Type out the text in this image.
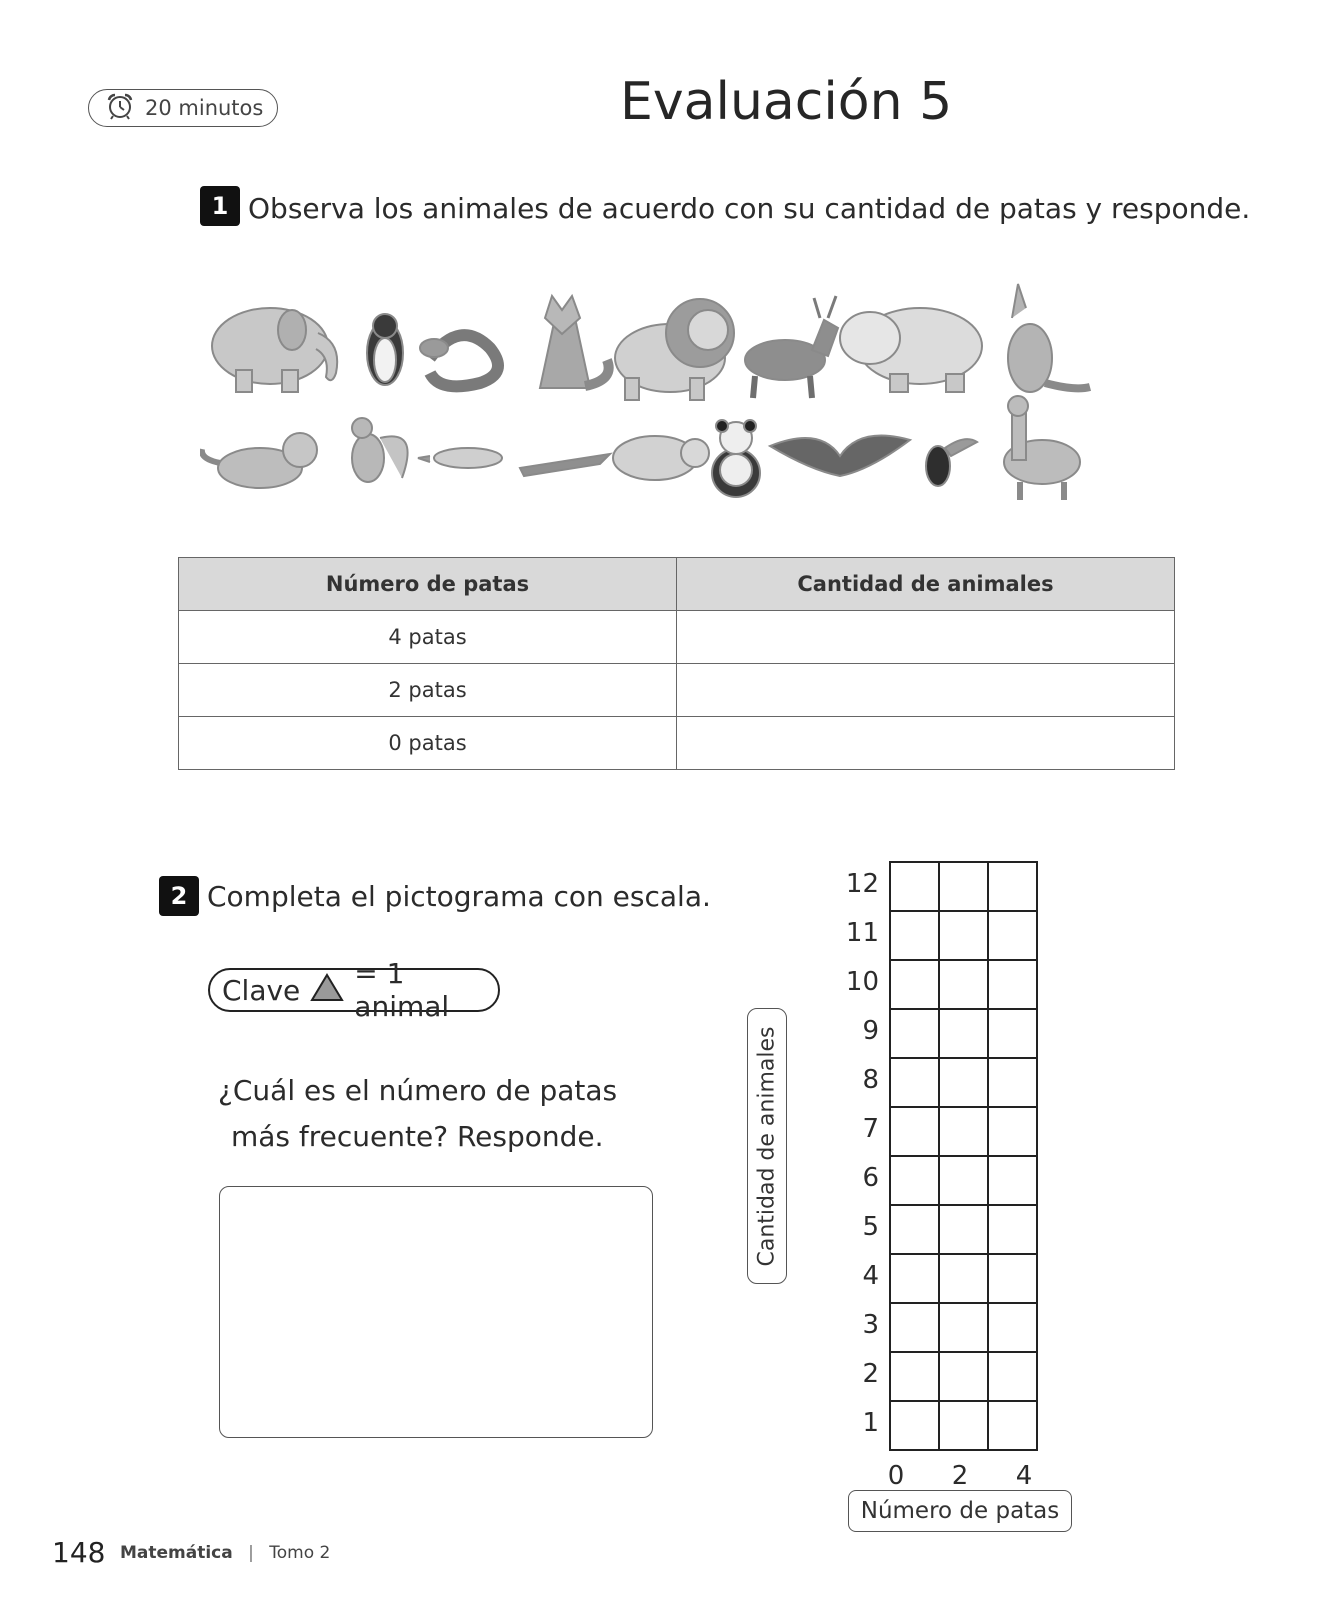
20 minutos	Evaluación 5
1 Observa los animales de acuerdo con su cantidad de patas y responde.
Número de patas	Cantidad de animales
4 patas	
2 patas	
0 patas	
2 Completa el pictograma con escala.
Clave = 1 animal
¿Cuál es el número de patas
más frecuente? Responde.	Cantidad de animales
12
11
10
9
8
7
6
5
4
3
2
1
0 2 4
Número de patas
148 Matemática | Tomo 2
